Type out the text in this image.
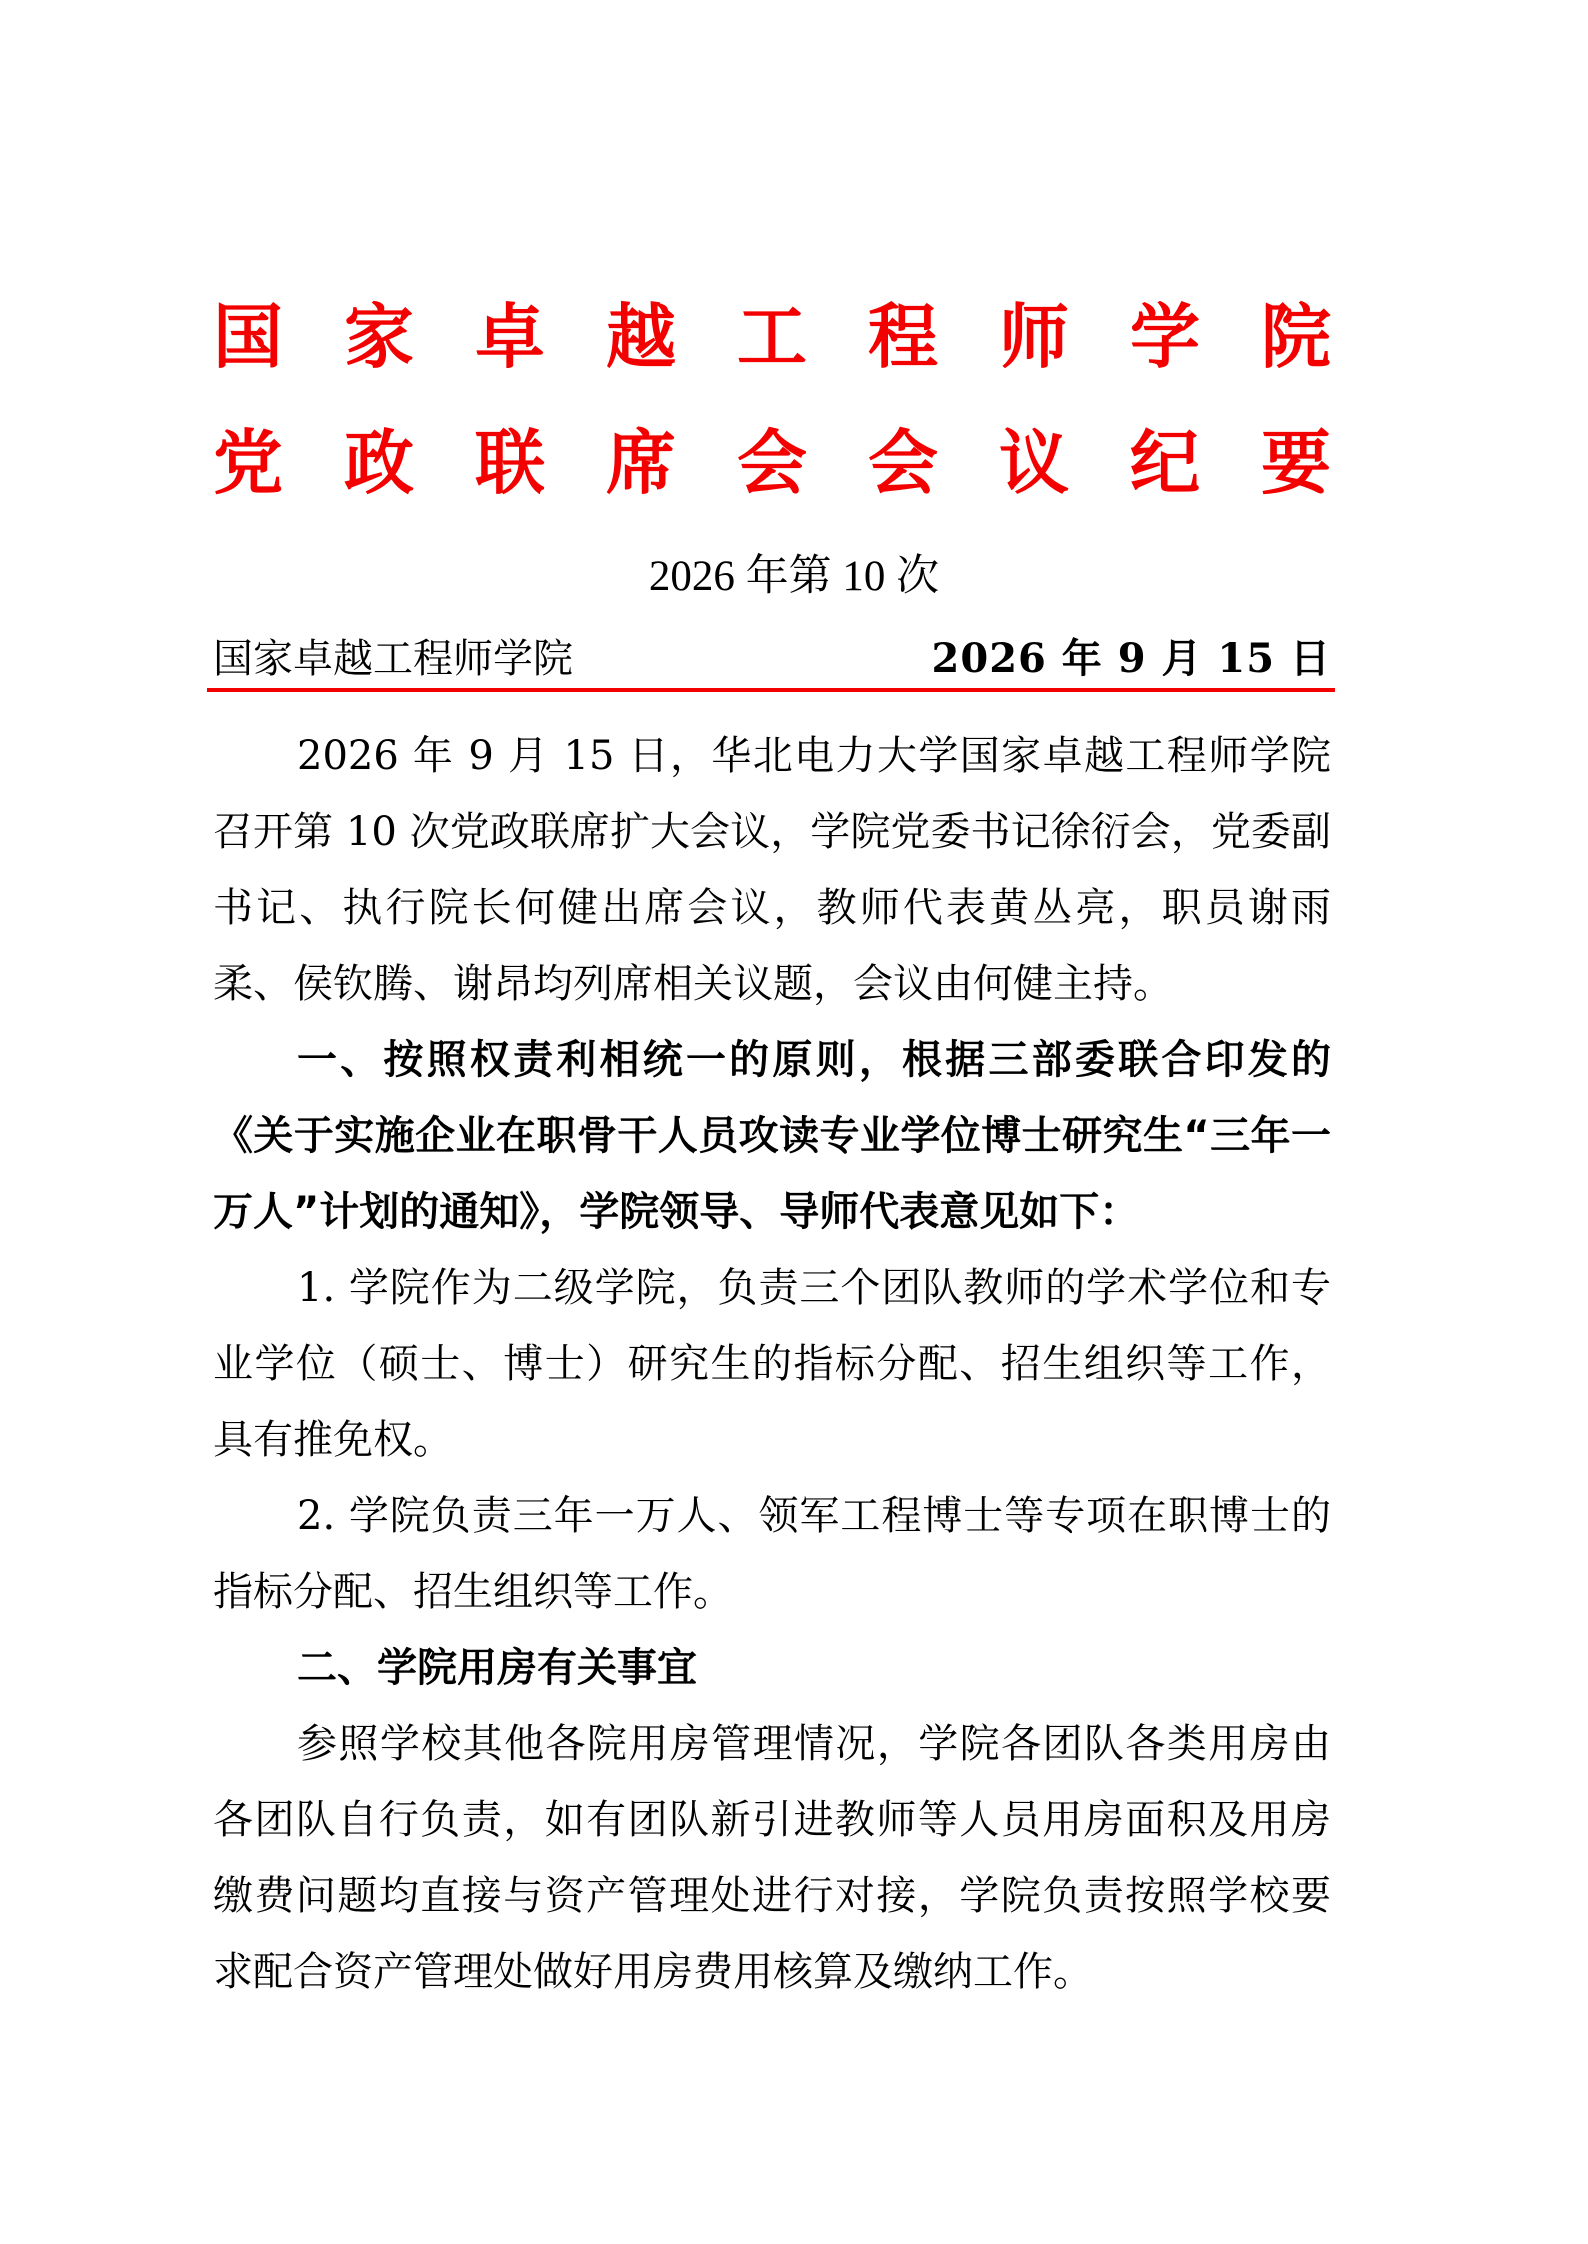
国 家 卓 越 工 程 师 学 院
党 政 联 席 会 会 议 纪 要
2026 年第 10 次
国家卓越工程师学院	2026 年 9 月 15 日

2026 年 9 月 15 日，华北电力大学国家卓越工程师学院召开第 10 次党政联席扩大会议，学院党委书记徐衍会，党委副书记、执行院长何健出席会议，教师代表黄丛亮，职员谢雨柔、侯钦腾、谢昂均列席相关议题，会议由何健主持。

一、按照权责利相统一的原则，根据三部委联合印发的《关于实施企业在职骨干人员攻读专业学位博士研究生“三年一万人”计划的通知》，学院领导、导师代表意见如下：

1. 学院作为二级学院，负责三个团队教师的学术学位和专业学位（硕士、博士）研究生的指标分配、招生组织等工作，具有推免权。

2. 学院负责三年一万人、领军工程博士等专项在职博士的指标分配、招生组织等工作。

二、学院用房有关事宜

参照学校其他各院用房管理情况，学院各团队各类用房由各团队自行负责，如有团队新引进教师等人员用房面积及用房缴费问题均直接与资产管理处进行对接，学院负责按照学校要求配合资产管理处做好用房费用核算及缴纳工作。
